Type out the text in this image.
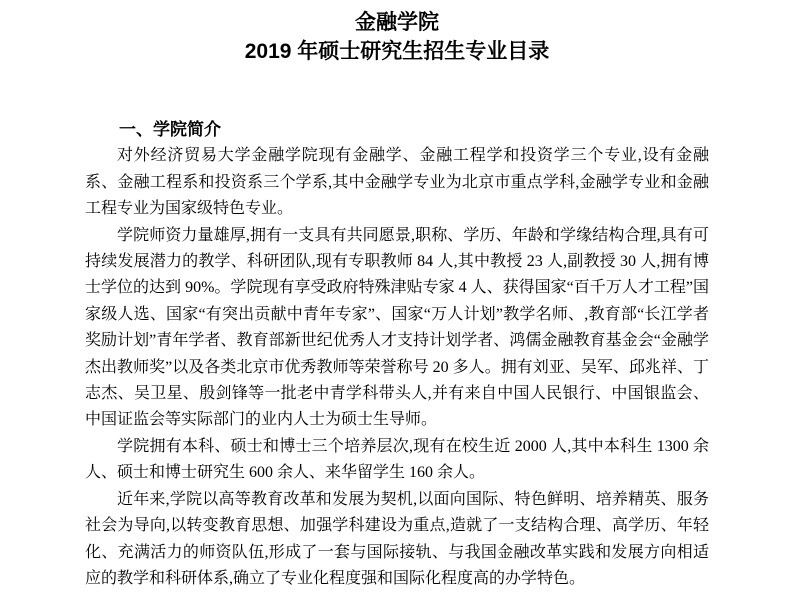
金融学院
2019 年硕士研究生招生专业目录
一、学院简介

对外经济贸易大学金融学院现有金融学、金融工程学和投资学三个专业,设有金融系、金融工程系和投资系三个学系,其中金融学专业为北京市重点学科,金融学专业和金融工程专业为国家级特色专业。

学院师资力量雄厚,拥有一支具有共同愿景,职称、学历、年龄和学缘结构合理,具有可持续发展潜力的教学、科研团队,现有专职教师 84 人,其中教授 23 人,副教授 30 人,拥有博士学位的达到 90%。学院现有享受政府特殊津贴专家 4 人、获得国家“百千万人才工程”国家级人选、国家“有突出贡献中青年专家”、国家“万人计划”教学名师、,教育部“长江学者奖励计划”青年学者、教育部新世纪优秀人才支持计划学者、鸿儒金融教育基金会“金融学杰出教师奖”以及各类北京市优秀教师等荣誉称号 20 多人。拥有刘亚、吴军、邱兆祥、丁志杰、吴卫星、殷剑锋等一批老中青学科带头人,并有来自中国人民银行、中国银监会、中国证监会等实际部门的业内人士为硕士生导师。

学院拥有本科、硕士和博士三个培养层次,现有在校生近 2000 人,其中本科生 1300 余人、硕士和博士研究生 600 余人、来华留学生 160 余人。

近年来,学院以高等教育改革和发展为契机,以面向国际、特色鲜明、培养精英、服务社会为导向,以转变教育思想、加强学科建设为重点,造就了一支结构合理、高学历、年轻化、充满活力的师资队伍,形成了一套与国际接轨、与我国金融改革实践和发展方向相适应的教学和科研体系,确立了专业化程度强和国际化程度高的办学特色。
